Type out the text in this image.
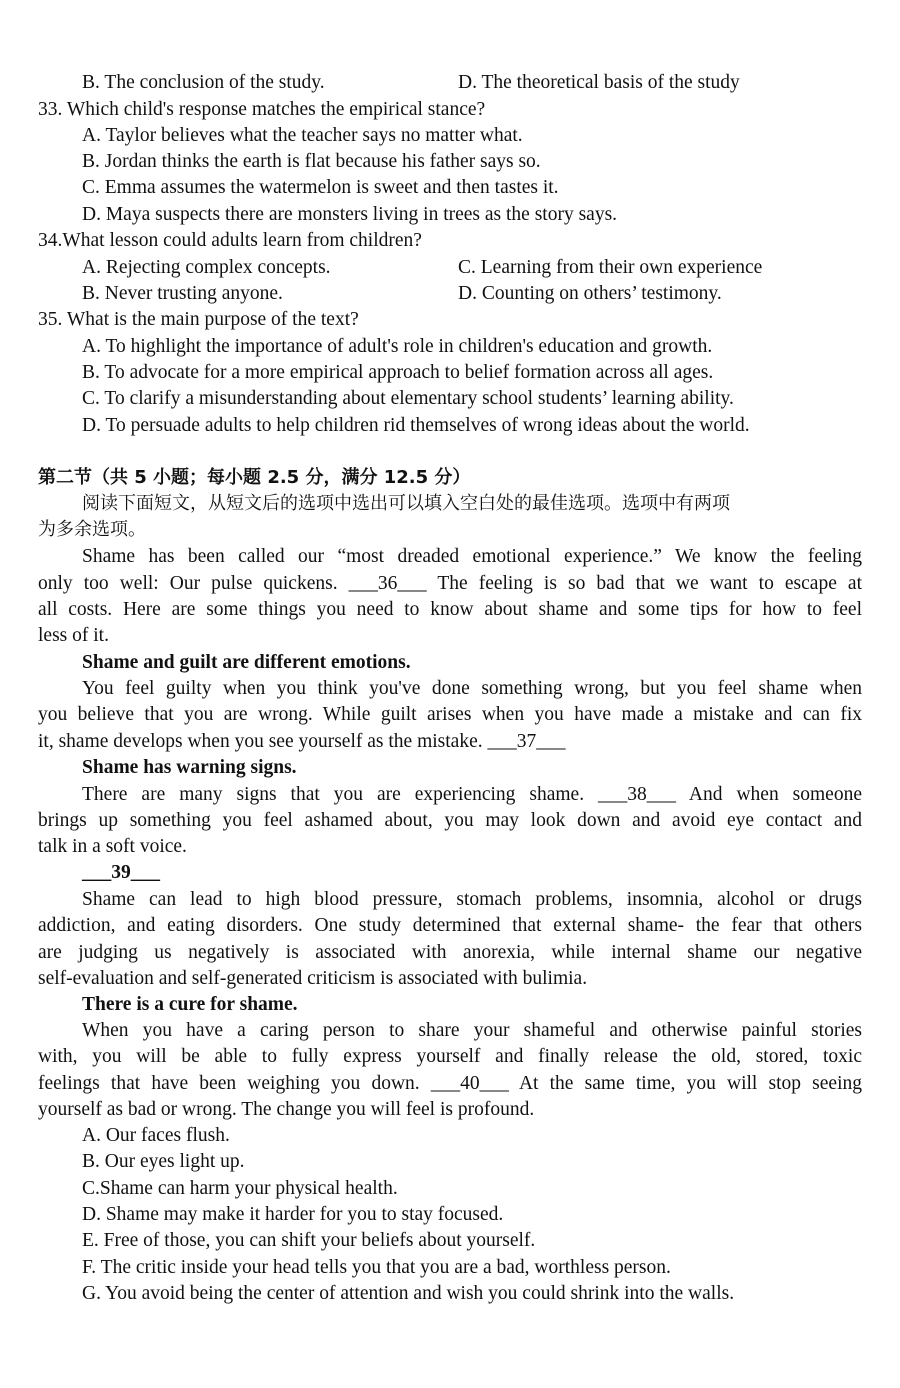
B. The conclusion of the study.	D. The theoretical basis of the study
33. Which child's response matches the empirical stance?
A. Taylor believes what the teacher says no matter what.
B. Jordan thinks the earth is flat because his father says so.
C. Emma assumes the watermelon is sweet and then tastes it.
D. Maya suspects there are monsters living in trees as the story says.
34.What lesson could adults learn from children?
A. Rejecting complex concepts.	C. Learning from their own experience
B. Never trusting anyone.	D. Counting on others’ testimony.
35. What is the main purpose of the text?
A. To highlight the importance of adult's role in children's education and growth.
B. To advocate for a more empirical approach to belief formation across all ages.
C. To clarify a misunderstanding about elementary school students’ learning ability.
D. To persuade adults to help children rid themselves of wrong ideas about the world.
第二节（共 5 小题；每小题 2.5 分，满分 12.5 分）
阅读下面短文，从短文后的选项中选出可以填入空白处的最佳选项。选项中有两项
为多余选项。
Shame has been called our “most dreaded emotional experience.” We know the feeling
only too well: Our pulse quickens. ___36___ The feeling is so bad that we want to escape at
all costs. Here are some things you need to know about shame and some tips for how to feel
less of it.
Shame and guilt are different emotions.
You feel guilty when you think you've done something wrong, but you feel shame when
you believe that you are wrong. While guilt arises when you have made a mistake and can fix
it, shame develops when you see yourself as the mistake. ___37___
Shame has warning signs.
There are many signs that you are experiencing shame. ___38___ And when someone
brings up something you feel ashamed about, you may look down and avoid eye contact and
talk in a soft voice.
___39___
Shame can lead to high blood pressure, stomach problems, insomnia, alcohol or drugs
addiction, and eating disorders. One study determined that external shame- the fear that others
are judging us negatively is associated with anorexia, while internal shame our negative
self-evaluation and self-generated criticism is associated with bulimia.
There is a cure for shame.
When you have a caring person to share your shameful and otherwise painful stories
with, you will be able to fully express yourself and finally release the old, stored, toxic
feelings that have been weighing you down. ___40___ At the same time, you will stop seeing
yourself as bad or wrong. The change you will feel is profound.
A. Our faces flush.
B. Our eyes light up.
C.Shame can harm your physical health.
D. Shame may make it harder for you to stay focused.
E. Free of those, you can shift your beliefs about yourself.
F. The critic inside your head tells you that you are a bad, worthless person.
G. You avoid being the center of attention and wish you could shrink into the walls.
